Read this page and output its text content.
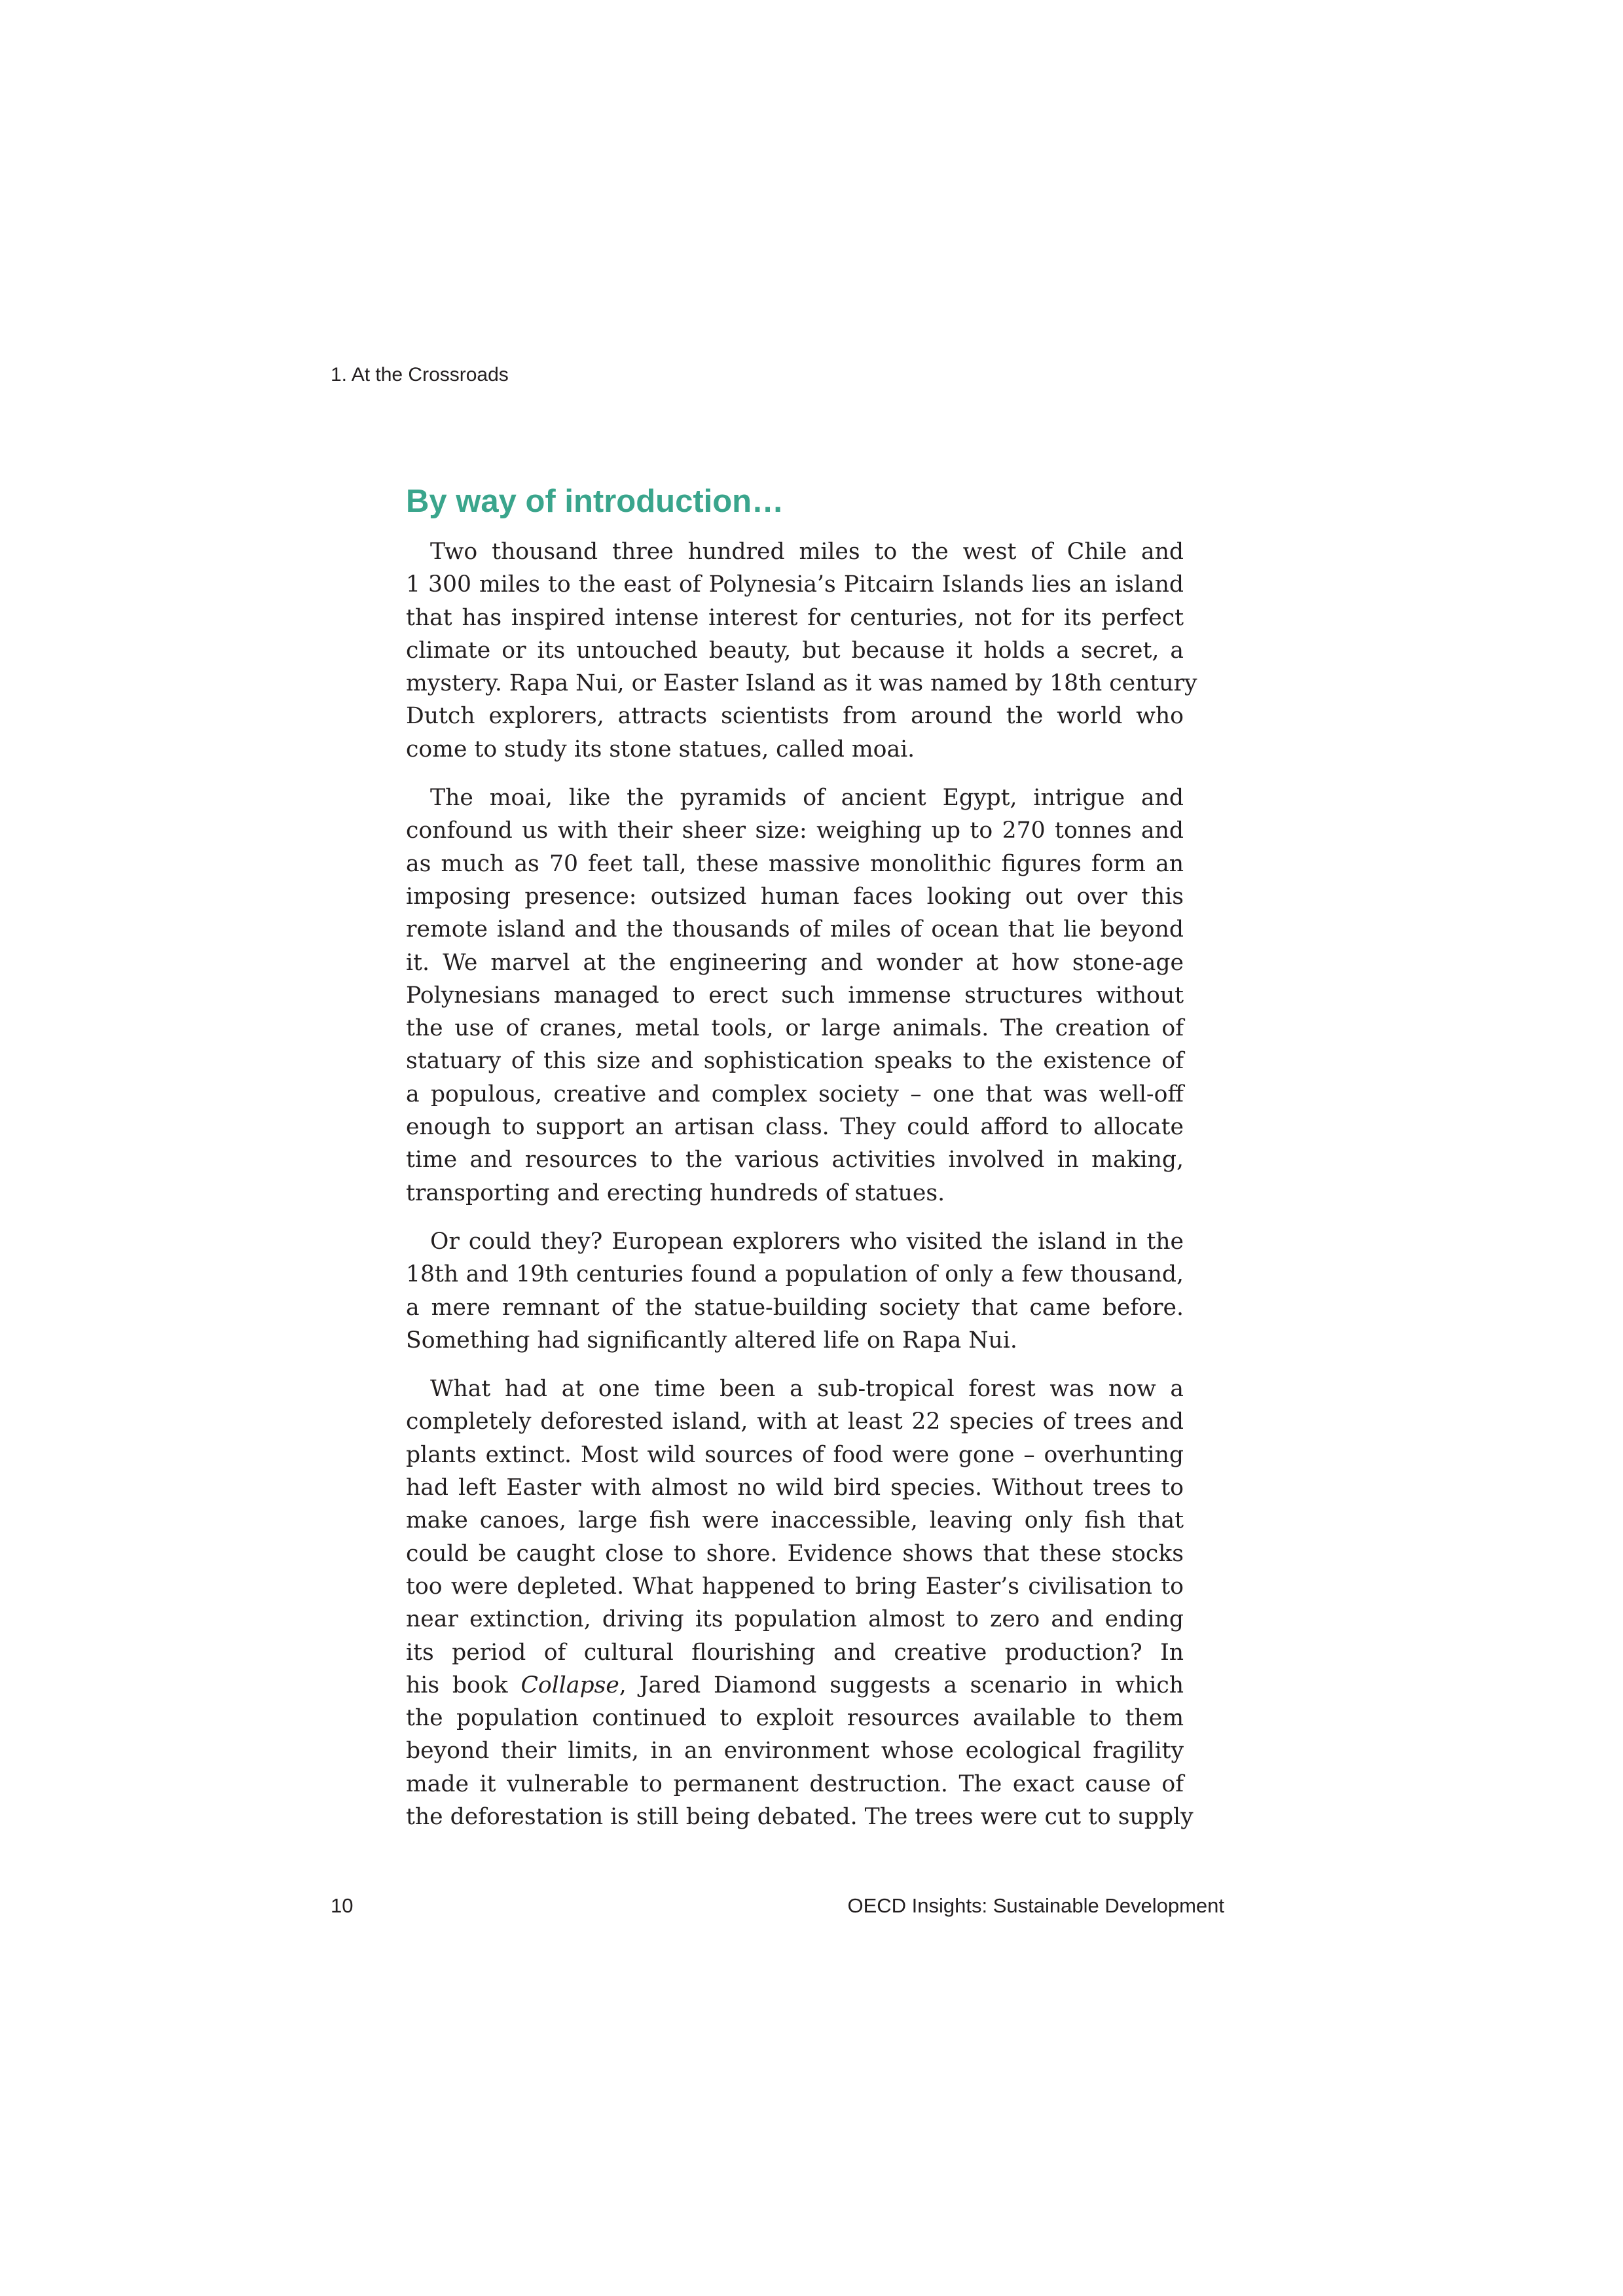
1. At the Crossroads
By way of introduction…
Two thousand three hundred miles to the west of Chile and
1 300 miles to the east of Polynesia’s Pitcairn Islands lies an island
that has inspired intense interest for centuries, not for its perfect
climate or its untouched beauty, but because it holds a secret, a
mystery. Rapa Nui, or Easter Island as it was named by 18th century
Dutch explorers, attracts scientists from around the world who
come to study its stone statues, called moai.
The moai, like the pyramids of ancient Egypt, intrigue and
confound us with their sheer size: weighing up to 270 tonnes and
as much as 70 feet tall, these massive monolithic figures form an
imposing presence: outsized human faces looking out over this
remote island and the thousands of miles of ocean that lie beyond
it. We marvel at the engineering and wonder at how stone-age
Polynesians managed to erect such immense structures without
the use of cranes, metal tools, or large animals. The creation of
statuary of this size and sophistication speaks to the existence of
a populous, creative and complex society – one that was well-off
enough to support an artisan class. They could afford to allocate
time and resources to the various activities involved in making,
transporting and erecting hundreds of statues.
Or could they? European explorers who visited the island in the
18th and 19th centuries found a population of only a few thousand,
a mere remnant of the statue-building society that came before.
Something had significantly altered life on Rapa Nui.
What had at one time been a sub-tropical forest was now a
completely deforested island, with at least 22 species of trees and
plants extinct. Most wild sources of food were gone – overhunting
had left Easter with almost no wild bird species. Without trees to
make canoes, large fish were inaccessible, leaving only fish that
could be caught close to shore. Evidence shows that these stocks
too were depleted. What happened to bring Easter’s civilisation to
near extinction, driving its population almost to zero and ending
its period of cultural flourishing and creative production? In
his book Collapse, Jared Diamond suggests a scenario in which
the population continued to exploit resources available to them
beyond their limits, in an environment whose ecological fragility
made it vulnerable to permanent destruction. The exact cause of
the deforestation is still being debated. The trees were cut to supply
10	OECD Insights: Sustainable Development
